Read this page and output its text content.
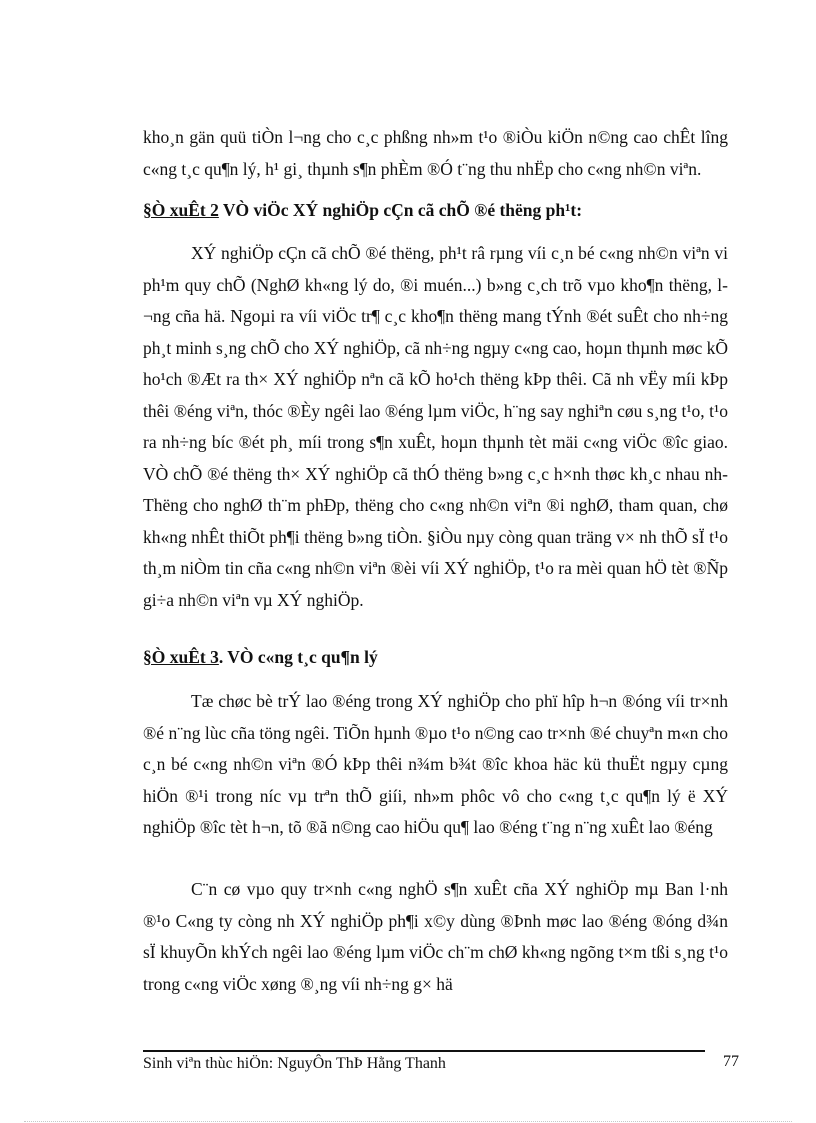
kho¸n gän quü tiÒn l¬ng cho c¸c phßng nh»m t¹o ®iÒu kiÖn n©ng cao chÊt lîng c«ng t¸c qu¶n lý, h¹ gi¸ thµnh s¶n phÈm ®Ó t¨ng thu nhËp cho c«ng nh©n viªn.

§Ò xuÊt 2 VÒ viÖc XÝ nghiÖp cÇn cã chÕ ®é thëng ph¹t:

XÝ nghiÖp cÇn cã chÕ ®é thëng, ph¹t râ rµng víi c¸n bé c«ng nh©n viªn vi ph¹m quy chÕ (NghØ kh«ng lý do, ®i muén...) b»ng c¸ch trõ vµo kho¶n thëng, l¬ng cña hä. Ngoµi ra víi viÖc tr¶ c¸c kho¶n thëng mang tÝnh ®ét suÊt cho nh÷ng ph¸t minh s¸ng chÕ cho XÝ nghiÖp, cã nh÷ng ngµy c«ng cao, hoµn thµnh møc kÕ ho¹ch ®Æt ra th× XÝ nghiÖp nªn cã kÕ ho¹ch thëng kÞp thêi. Cã nh vËy míi kÞp thêi ®éng viªn, thóc ®Èy ngêi lao ®éng lµm viÖc, h¨ng say nghiªn cøu s¸ng t¹o, t¹o ra nh÷ng bíc ®ét ph¸ míi trong s¶n xuÊt, hoµn thµnh tèt mäi c«ng viÖc ®îc giao. VÒ chÕ ®é thëng th× XÝ nghiÖp cã thÓ thëng b»ng c¸c h×nh thøc kh¸c nhau nh Thëng cho nghØ th¨m phÐp, thëng cho c«ng nh©n viªn ®i nghØ, tham quan, chø kh«ng nhÊt thiÕt ph¶i thëng b»ng tiÒn. §iÒu nµy còng quan träng v× nh thÕ sÏ t¹o th¸m niÒm tin cña c«ng nh©n viªn ®èi víi XÝ nghiÖp, t¹o ra mèi quan hÖ tèt ®Ñp gi÷a nh©n viªn vµ XÝ nghiÖp.

§Ò xuÊt 3. VÒ c«ng t¸c qu¶n lý

Tæ chøc bè trÝ lao ®éng trong XÝ nghiÖp cho phï hîp h¬n ®óng víi tr×nh ®é n¨ng lùc cña töng ngêi. TiÕn hµnh ®µo t¹o n©ng cao tr×nh ®é chuyªn m«n cho c¸n bé c«ng nh©n viªn ®Ó kÞp thêi n¾m b¾t ®îc khoa häc kü thuËt ngµy cµng hiÖn ®¹i trong níc vµ trªn thÕ giíi, nh»m phôc vô cho c«ng t¸c qu¶n lý ë XÝ nghiÖp ®îc tèt h¬n, tõ ®ã n©ng cao hiÖu qu¶ lao ®éng t¨ng n¨ng xuÊt lao ®éng

C¨n cø vµo quy tr×nh c«ng nghÖ s¶n xuÊt cña XÝ nghiÖp mµ Ban l·nh ®¹o C«ng ty còng nh XÝ nghiÖp ph¶i x©y dùng ®Þnh møc lao ®éng ®óng d¾n sÏ khuyÕn khÝch ngêi lao ®éng lµm viÖc ch¨m chØ kh«ng ngõng t×m tßi s¸ng t¹o trong c«ng viÖc xøng ®¸ng víi nh÷ng g× hä

Sinh viªn thùc hiÖn: NguyÔn ThÞ Hằng Thanh	77
